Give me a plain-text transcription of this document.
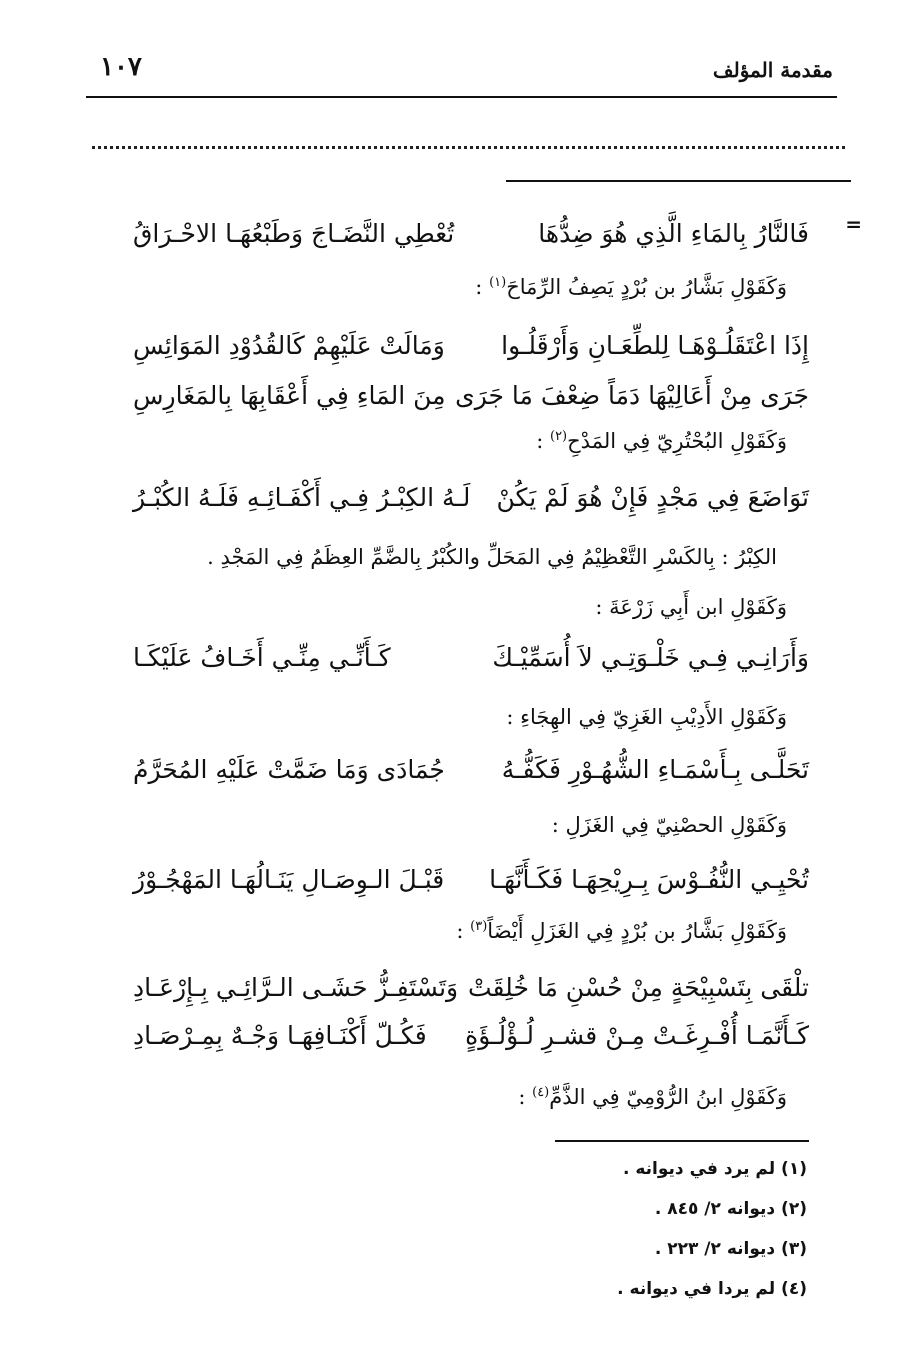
مقدمة المؤلف
١٠٧
=
فَالنَّارُ بِالمَاءِ الَّذِي هُوَ ضِدُّهَا
تُعْطِي النَّضَـاجَ وَطَبْعُهَـا الاحْـرَاقُ
وَكَقَوْلِ بَشَّارُ بن بُرْدٍ يَصِفُ الرِّمَاحَ$^{(١)}$ :
إِذَا اعْتَقَلُـوْهَـا لِلطِّعَـانِ وَأَرْقَلُـوا
وَمَالَتْ عَلَيْهِمْ كَالقُدُوْدِ المَوَائِسِ
جَرَى مِنْ أَعَالِيْهَا دَمَاً ضِعْفَ مَا جَرَى
مِنَ المَاءِ فِي أَعْقَابِهَا بِالمَغَارِسِ
وَكَقَوْلِ البُحْتُرِيّ فِي المَدْحِ$^{(٢)}$ :
تَوَاضَعَ فِي مَجْدٍ فَإِنْ هُوَ لَمْ يَكُنْ
لَـهُ الكِبْـرُ فِـي أَكْفَـائِـهِ فَلَـهُ الكُبْـرُ
الكِبْرُ : بِالكَسْرِ التَّعْظِيْمُ فِي المَحَلِّ والكُبْرُ بِالضَّمِّ العِظَمُ فِي المَجْدِ .
وَكَقَوْلِ ابن أَبِي زَرْعَةَ :
وَأَرَانِـي فِـي خَلْـوَتِـي لاَ أُسَمِّيْـكَ
كَـأَنِّـي مِنِّـي أَخَـافُ عَلَيْكَـا
وَكَقَوْلِ الأَدِيْبِ الغَزِيّ فِي الهِجَاءِ :
تَحَلَّـى بِـأَسْمَـاءِ الشُّهُـوْرِ فَكَفُّـهُ
جُمَادَى وَمَا ضَمَّتْ عَلَيْهِ المُحَرَّمُ
وَكَقَوْلِ الحصْنِيّ فِي الغَزَلِ :
تُحْيِـي النُّفُـوْسَ بِـرِيْحِهَـا فَكَـأَنَّهَـا
قَبْـلَ الـوِصَـالِ يَنَـالُهَـا المَهْجُـوْرُ
وَكَقَوْلِ بَشَّارُ بن بُرْدٍ فِي الغَزَلِ أَيْضَاً$^{(٣)}$ :
تلْقَى بِتَسْبِيْحَةٍ مِنْ حُسْنِ مَا خُلِقَتْ
وَتَسْتَفِـزُّ حَشَـى الـرَّائِـي بِـإِرْعَـادِ
كَـأَنَّمَـا أُفْـرِغَـتْ مِـنْ قشـرِ لُـؤْلُـؤَةٍ
فَكُـلّ أَكْنَـافِهَـا وَجْـهٌ بِمِـرْصَـادِ
وَكَقَوْلِ ابنُ الرُّوْمِيّ فِي الذَّمِّ$^{(٤)}$ :
(١) لم يرد في ديوانه .
(٢) ديوانه ٢/ ٨٤٥ .
(٣) ديوانه ٢/ ٢٢٣ .
(٤) لم يردا في ديوانه .
